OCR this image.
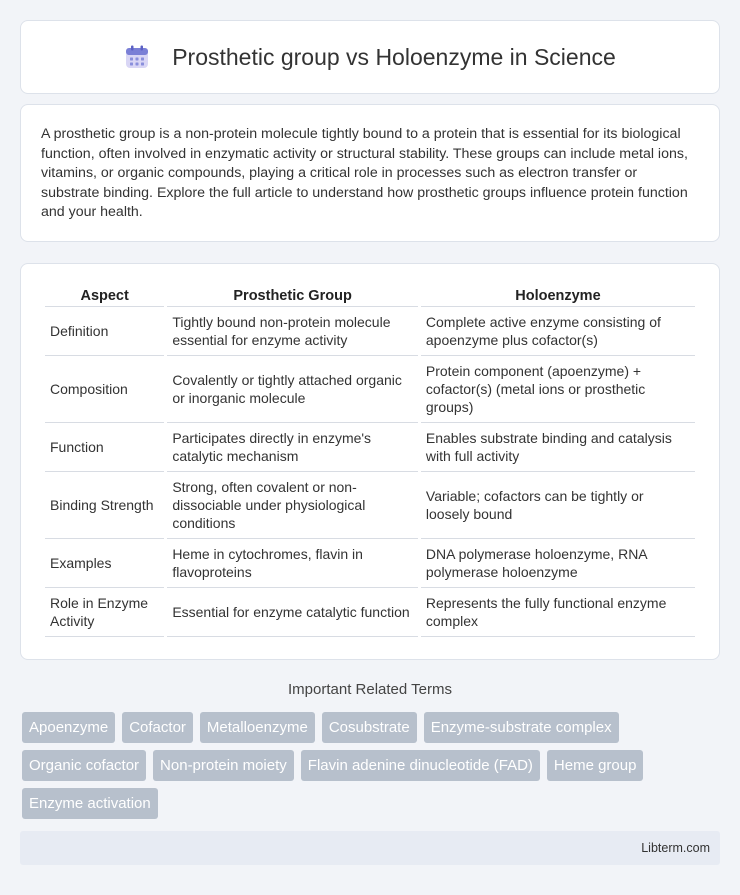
Prosthetic group vs Holoenzyme in Science

A prosthetic group is a non-protein molecule tightly bound to a protein that is essential for its biological function, often involved in enzymatic activity or structural stability. These groups can include metal ions, vitamins, or organic compounds, playing a critical role in processes such as electron transfer or substrate binding. Explore the full article to understand how prosthetic groups influence protein function and your health.

Aspect	Prosthetic Group	Holoenzyme
Definition	Tightly bound non-protein molecule essential for enzyme activity	Complete active enzyme consisting of apoenzyme plus cofactor(s)
Composition	Covalently or tightly attached organic or inorganic molecule	Protein component (apoenzyme) + cofactor(s) (metal ions or prosthetic groups)
Function	Participates directly in enzyme's catalytic mechanism	Enables substrate binding and catalysis with full activity
Binding Strength	Strong, often covalent or non-dissociable under physiological conditions	Variable; cofactors can be tightly or loosely bound
Examples	Heme in cytochromes, flavin in flavoproteins	DNA polymerase holoenzyme, RNA polymerase holoenzyme
Role in Enzyme Activity	Essential for enzyme catalytic function	Represents the fully functional enzyme complex
Important Related Terms
Apoenzyme	Cofactor	Metalloenzyme	Cosubstrate	Enzyme-substrate complex
Organic cofactor	Non-protein moiety	Flavin adenine dinucleotide (FAD)	Heme group
Enzyme activation
Libterm.com
